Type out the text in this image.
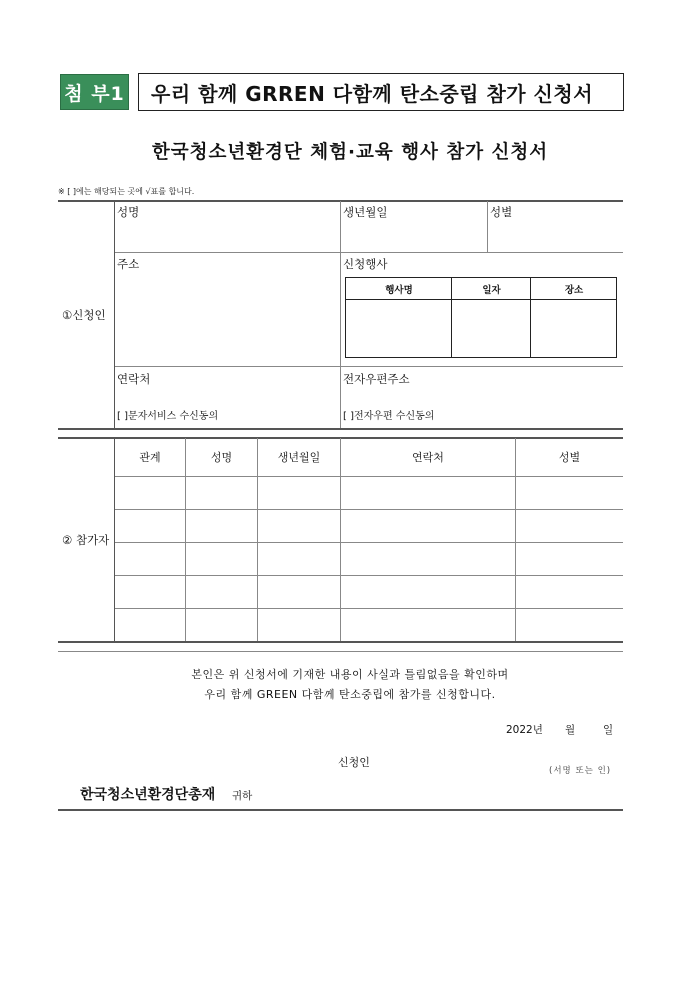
첨 부1 우리 함께 GRREN 다함께 탄소중립 참가 신청서
한국청소년환경단 체험·교육 행사 참가 신청서
※ [ ]에는 해당되는 곳에 √표를 합니다.
①신청인
성명	생년월일	성별
주소	신청행사
행사명	일자	장소
연락처	전자우편주소
[ ]문자서비스 수신동의	[ ]전자우편 수신동의
② 참가자
관계	성명	생년월일	연락처	성별
본인은 위 신청서에 기재한 내용이 사실과 틀림없음을 확인하며
우리 함께 GREEN 다함께 탄소중립에 참가를 신청합니다.
2022년 월	일
신청인
(서명 또는 인)
한국청소년환경단총재 귀하
